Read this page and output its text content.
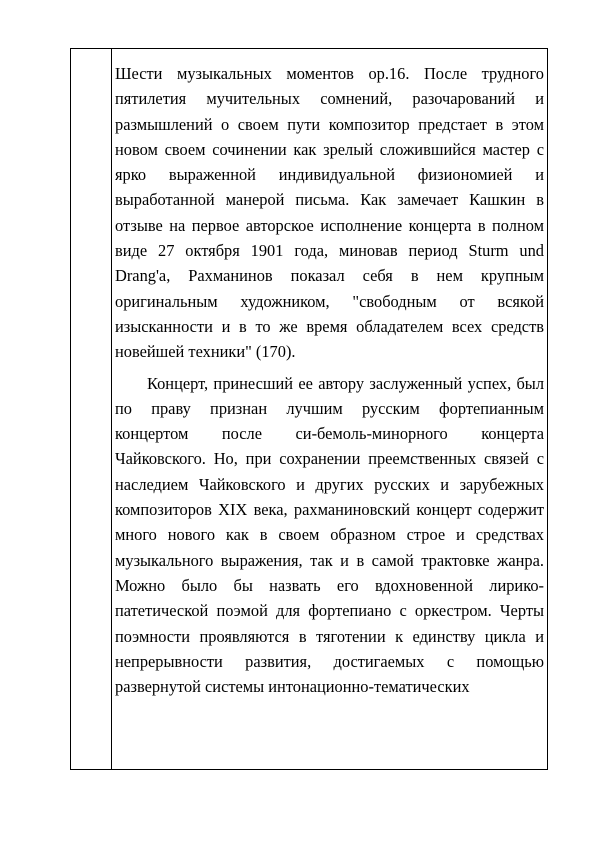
Шести музыкальных моментов ор.16. После трудного пятилетия мучительных сомнений, разочарований и размышлений о своем пути композитор предстает в этом новом своем сочинении как зрелый сложившийся мастер с ярко выраженной индивидуальной физиономией и выработанной манерой письма. Как замечает Кашкин в отзыве на первое авторское исполнение концерта в полном виде 27 октября 1901 года, миновав период Sturm und Drang'a, Рахманинов показал себя в нем крупным оригинальным художником, "свободным от всякой изысканности и в то же время обладателем всех средств новейшей техники" (170).

Концерт, принесший ее автору заслуженный успех, был по праву признан лучшим русским фортепианным концертом после си-бемоль-минорного концерта Чайковского. Но, при сохранении преемственных связей с наследием Чайковского и других русских и зарубежных композиторов XIX века, рахманиновский концерт содержит много нового как в своем образном строе и средствах музыкального выражения, так и в самой трактовке жанра. Можно было бы назвать его вдохновенной лирико-патетической поэмой для фортепиано с оркестром. Черты поэмности проявляются в тяготении к единству цикла и непрерывности развития, достигаемых с помощью развернутой системы интонационно-тематических
